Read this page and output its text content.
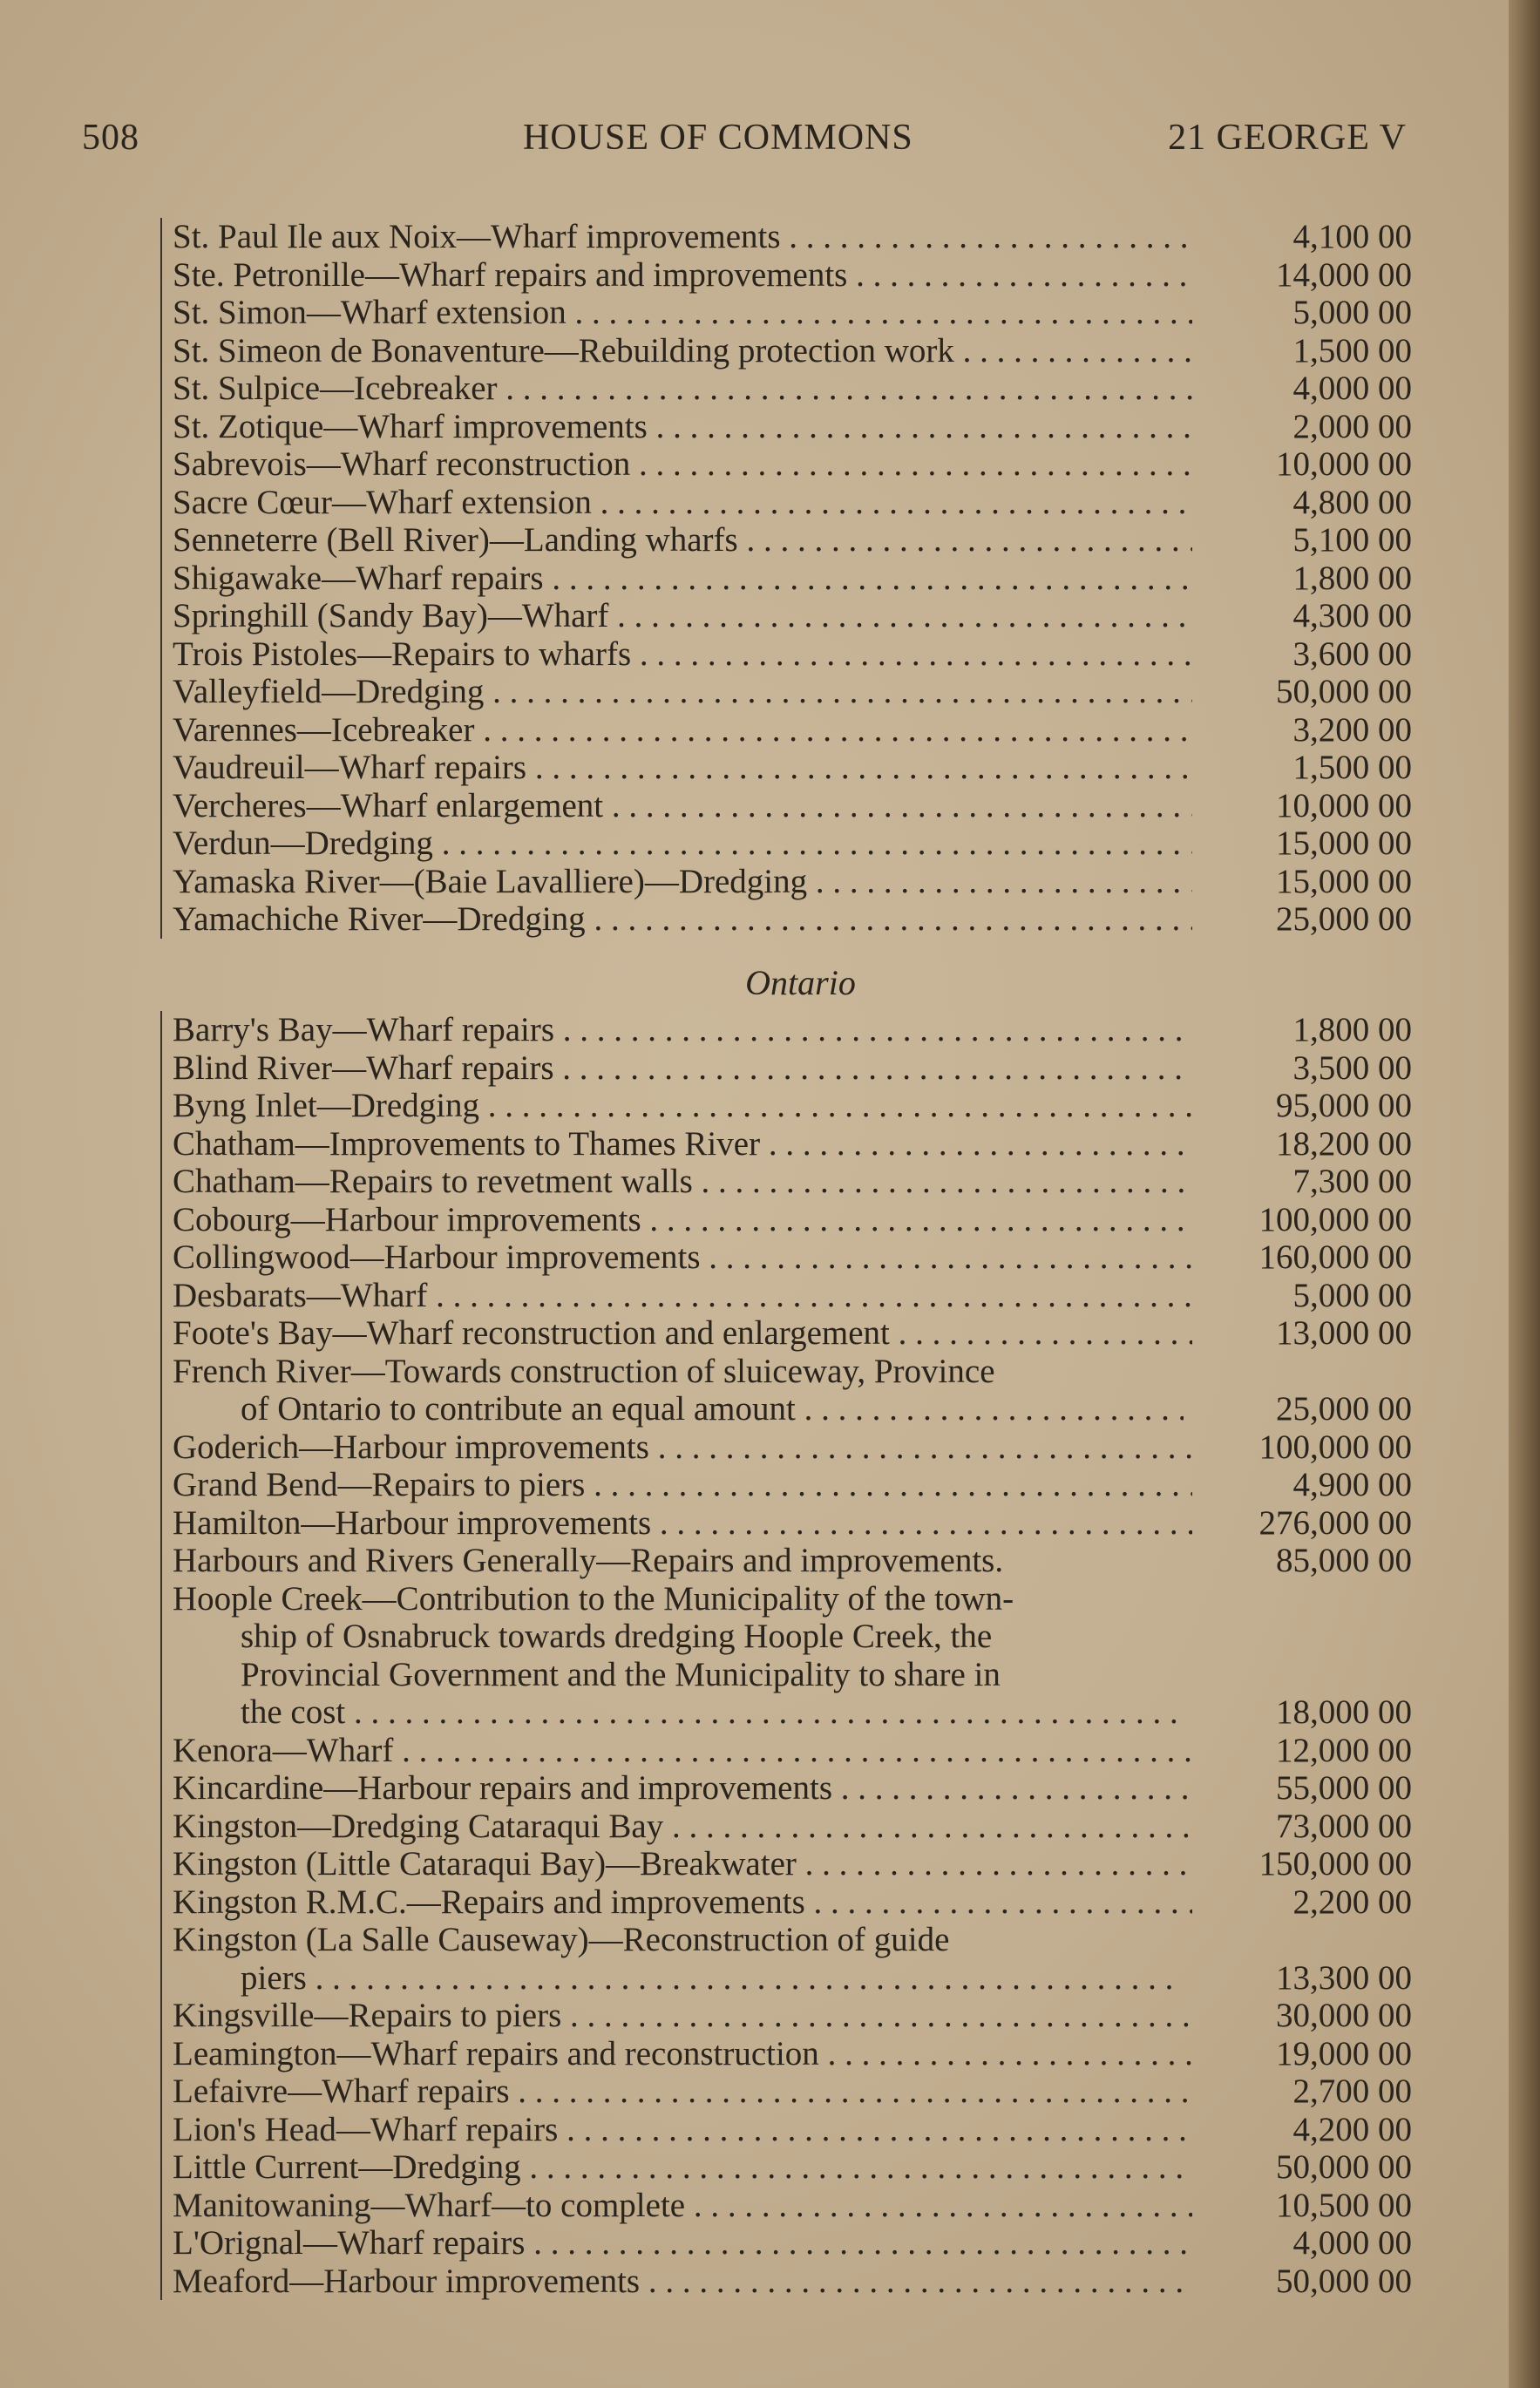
508	HOUSE OF COMMONS	21 GEORGE V
St. Paul Ile aux Noix—Wharf improvements . . .	4,100 00
Ste. Petronille—Wharf repairs and improvements . . .	14,000 00
St. Simon—Wharf extension . . .	5,000 00
St. Simeon de Bonaventure—Rebuilding protection work . . .	1,500 00
St. Sulpice—Icebreaker . . .	4,000 00
St. Zotique—Wharf improvements . . .	2,000 00
Sabrevois—Wharf reconstruction . . .	10,000 00
Sacre Cœur—Wharf extension . . .	4,800 00
Senneterre (Bell River)—Landing wharfs . . .	5,100 00
Shigawake—Wharf repairs . . .	1,800 00
Springhill (Sandy Bay)—Wharf . . .	4,300 00
Trois Pistoles—Repairs to wharfs . . .	3,600 00
Valleyfield—Dredging . . .	50,000 00
Varennes—Icebreaker . . .	3,200 00
Vaudreuil—Wharf repairs . . .	1,500 00
Vercheres—Wharf enlargement . . .	10,000 00
Verdun—Dredging . . .	15,000 00
Yamaska River—(Baie Lavalliere)—Dredging . . .	15,000 00
Yamachiche River—Dredging . . .	25,000 00
Ontario
Barry's Bay—Wharf repairs . . .	1,800 00
Blind River—Wharf repairs . . .	3,500 00
Byng Inlet—Dredging . . .	95,000 00
Chatham—Improvements to Thames River . . .	18,200 00
Chatham—Repairs to revetment walls . . .	7,300 00
Cobourg—Harbour improvements . . .	100,000 00
Collingwood—Harbour improvements . . .	160,000 00
Desbarats—Wharf . . .	5,000 00
Foote's Bay—Wharf reconstruction and enlargement . . .	13,000 00
French River—Towards construction of sluiceway, Province
of Ontario to contribute an equal amount . . .	25,000 00
Goderich—Harbour improvements . . .	100,000 00
Grand Bend—Repairs to piers . . .	4,900 00
Hamilton—Harbour improvements . . .	276,000 00
Harbours and Rivers Generally—Repairs and improvements.	85,000 00
Hoople Creek—Contribution to the Municipality of the town-
ship of Osnabruck towards dredging Hoople Creek, the
Provincial Government and the Municipality to share in
the cost . . .	18,000 00
Kenora—Wharf . . .	12,000 00
Kincardine—Harbour repairs and improvements . . .	55,000 00
Kingston—Dredging Cataraqui Bay . . .	73,000 00
Kingston (Little Cataraqui Bay)—Breakwater . . .	150,000 00
Kingston R.M.C.—Repairs and improvements . . .	2,200 00
Kingston (La Salle Causeway)—Reconstruction of guide
piers . . .	13,300 00
Kingsville—Repairs to piers . . .	30,000 00
Leamington—Wharf repairs and reconstruction . . .	19,000 00
Lefaivre—Wharf repairs . . .	2,700 00
Lion's Head—Wharf repairs . . .	4,200 00
Little Current—Dredging . . .	50,000 00
Manitowaning—Wharf—to complete . . .	10,500 00
L'Orignal—Wharf repairs . . .	4,000 00
Meaford—Harbour improvements . . .	50,000 00
